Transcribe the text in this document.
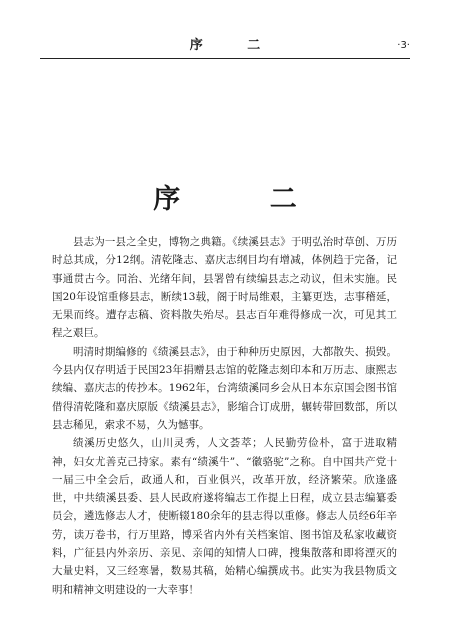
序 二	·3·
序 二

县志为一县之全史，博物之典籍。《续溪县志》于明弘治时草创、万历时总其成，分12纲。清乾隆志、嘉庆志纲目均有增减，体例趋于完备，记事通贯古今。同治、光绪年间，县署曾有续编县志之动议，但未实施。民国20年设馆重修县志，断续13载，阁于时局维艰，主纂更迭，志事稽延，无果而终。遭存志稿、资料散失殆尽。县志百年难得修成一次，可见其工程之艰巨。

明清时期编修的《绩溪县志》，由于种种历史原因，大都散失、损毁。今县内仅存明适于民国23年捐赠县志馆的乾隆志刻印本和万历志、康熙志续编、嘉庆志的传抄本。1962年，台湾绩溪同乡会从日本东京国会图书馆借得清乾隆和嘉庆原版《绩溪县志》，影缩合订成册，辗转带回数部，所以县志稀见，索求不易，久为憾事。

绩溪历史悠久，山川灵秀，人文荟萃；人民勤劳俭朴，富于进取精神，妇女尤善克己持家。素有“绩溪牛”、“徽骆驼”之称。自中国共产党十一届三中全会后，政通人和，百业俱兴，改革开放，经济繁荣。欣逢盛世，中共绩溪县委、县人民政府遂将编志工作提上日程，成立县志编纂委员会，遴选修志人才，使断辍180余年的县志得以重修。修志人员经6年辛劳，读万卷书，行万里路，博采省内外有关档案馆、图书馆及私家收藏资料，广征县内外亲历、亲见、亲闻的知情人口碑，搜集散落和即将湮灭的大量史料，又三经寒暑，数易其稿，始精心编撰成书。此实为我县物质文明和精神文明建设的一大幸事！
